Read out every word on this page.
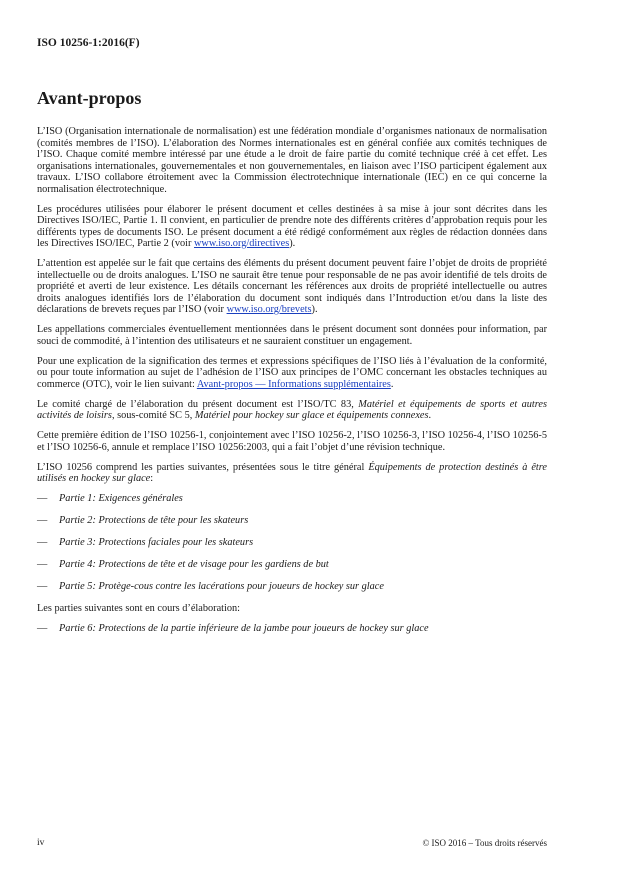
ISO 10256-1:2016(F)
Avant-propos

L’ISO (Organisation internationale de normalisation) est une fédération mondiale d’organismes nationaux de normalisation (comités membres de l’ISO). L’élaboration des Normes internationales est en général confiée aux comités techniques de l’ISO. Chaque comité membre intéressé par une étude a le droit de faire partie du comité technique créé à cet effet. Les organisations internationales, gouvernementales et non gouvernementales, en liaison avec l’ISO participent également aux travaux. L’ISO collabore étroitement avec la Commission électrotechnique internationale (IEC) en ce qui concerne la normalisation électrotechnique.

Les procédures utilisées pour élaborer le présent document et celles destinées à sa mise à jour sont décrites dans les Directives ISO/IEC, Partie 1. Il convient, en particulier de prendre note des différents critères d’approbation requis pour les différents types de documents ISO. Le présent document a été rédigé conformément aux règles de rédaction données dans les Directives ISO/IEC, Partie 2 (voir www.iso.org/directives).

L’attention est appelée sur le fait que certains des éléments du présent document peuvent faire l’objet de droits de propriété intellectuelle ou de droits analogues. L’ISO ne saurait être tenue pour responsable de ne pas avoir identifié de tels droits de propriété et averti de leur existence. Les détails concernant les références aux droits de propriété intellectuelle ou autres droits analogues identifiés lors de l’élaboration du document sont indiqués dans l’Introduction et/ou dans la liste des déclarations de brevets reçues par l’ISO (voir www.iso.org/brevets).

Les appellations commerciales éventuellement mentionnées dans le présent document sont données pour information, par souci de commodité, à l’intention des utilisateurs et ne sauraient constituer un engagement.

Pour une explication de la signification des termes et expressions spécifiques de l’ISO liés à l’évaluation de la conformité, ou pour toute information au sujet de l’adhésion de l’ISO aux principes de l’OMC concernant les obstacles techniques au commerce (OTC), voir le lien suivant: Avant-propos — Informations supplémentaires.

Le comité chargé de l’élaboration du présent document est l’ISO/TC 83, Matériel et équipements de sports et autres activités de loisirs, sous-comité SC 5, Matériel pour hockey sur glace et équipements connexes.

Cette première édition de l’ISO 10256-1, conjointement avec l’ISO 10256-2, l’ISO 10256-3, l’ISO 10256-4, l’ISO 10256-5 et l’ISO 10256-6, annule et remplace l’ISO 10256:2003, qui a fait l’objet d’une révision technique.

L’ISO 10256 comprend les parties suivantes, présentées sous le titre général Équipements de protection destinés à être utilisés en hockey sur glace:

— Partie 1: Exigences générales
— Partie 2: Protections de tête pour les skateurs
— Partie 3: Protections faciales pour les skateurs
— Partie 4: Protections de tête et de visage pour les gardiens de but
— Partie 5: Protège-cous contre les lacérations pour joueurs de hockey sur glace

Les parties suivantes sont en cours d’élaboration:

— Partie 6: Protections de la partie inférieure de la jambe pour joueurs de hockey sur glace
iv	© ISO 2016 – Tous droits réservés
